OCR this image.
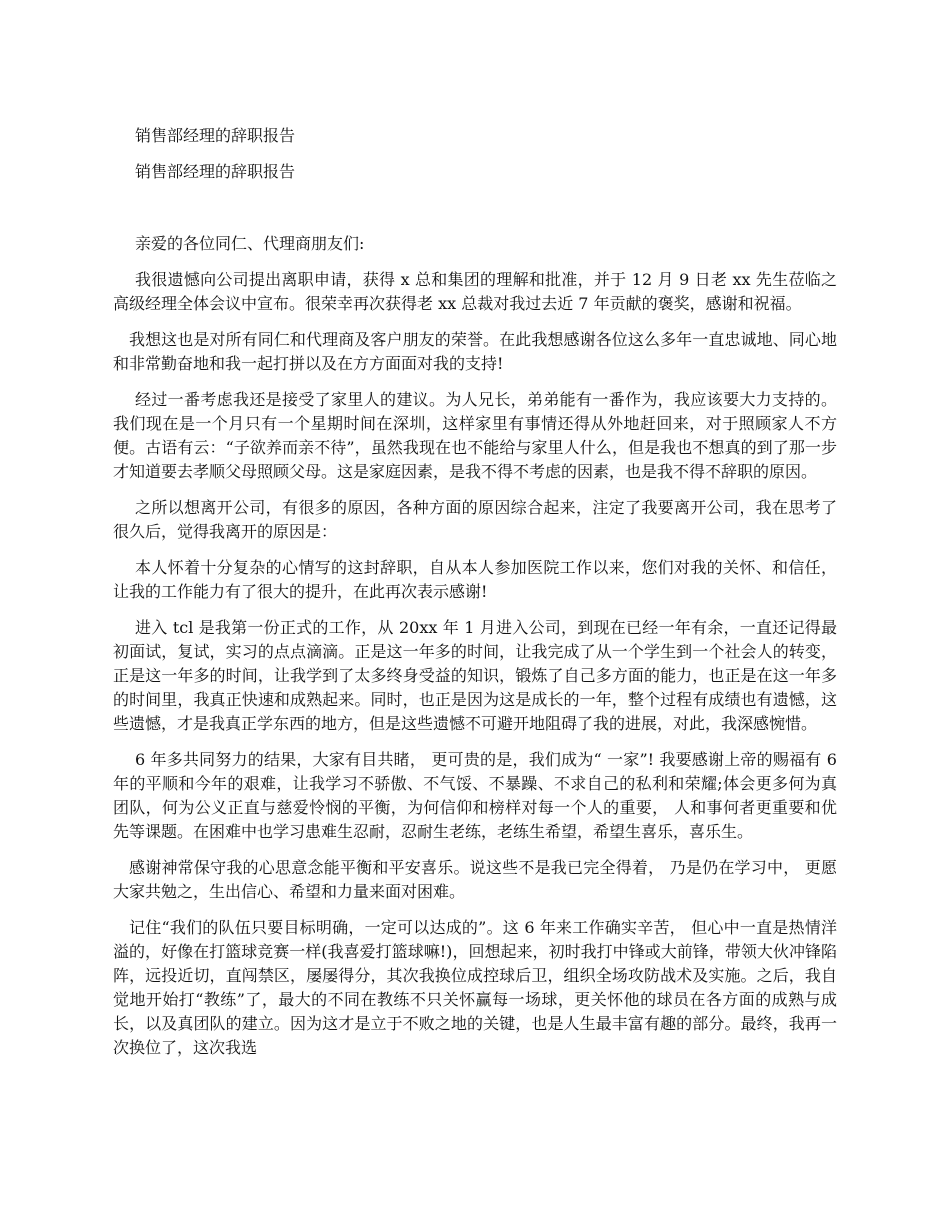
销售部经理的辞职报告
销售部经理的辞职报告
亲爱的各位同仁、代理商朋友们:

我很遗憾向公司提出离职申请，获得 x 总和集团的理解和批准，并于 12 月 9 日老 xx 先生莅临之高级经理全体会议中宣布。很荣幸再次获得老 xx 总裁对我过去近 7 年贡献的褒奖，感谢和祝福。

我想这也是对所有同仁和代理商及客户朋友的荣誉。在此我想感谢各位这么多年一直忠诚地、同心地和非常勤奋地和我一起打拼以及在方方面面对我的支持!

经过一番考虑我还是接受了家里人的建议。为人兄长，弟弟能有一番作为，我应该要大力支持的。我们现在是一个月只有一个星期时间在深圳，这样家里有事情还得从外地赶回来，对于照顾家人不方便。古语有云：“子欲养而亲不待”，虽然我现在也不能给与家里人什么，但是我也不想真的到了那一步才知道要去孝顺父母照顾父母。这是家庭因素，是我不得不考虑的因素，也是我不得不辞职的原因。

之所以想离开公司，有很多的原因，各种方面的原因综合起来，注定了我要离开公司，我在思考了很久后，觉得我离开的原因是：

本人怀着十分复杂的心情写的这封辞职，自从本人参加医院工作以来，您们对我的关怀、和信任，让我的工作能力有了很大的提升，在此再次表示感谢!

进入 tcl 是我第一份正式的工作，从 20xx 年 1 月进入公司，到现在已经一年有余，一直还记得最初面试，复试，实习的点点滴滴。正是这一年多的时间，让我完成了从一个学生到一个社会人的转变，正是这一年多的时间，让我学到了太多终身受益的知识，锻炼了自己多方面的能力，也正是在这一年多的时间里，我真正快速和成熟起来。同时，也正是因为这是成长的一年，整个过程有成绩也有遗憾，这些遗憾，才是我真正学东西的地方，但是这些遗憾不可避开地阻碍了我的进展，对此，我深感惋惜。

6 年多共同努力的结果，大家有目共睹， 更可贵的是，我们成为“ 一家”! 我要感谢上帝的赐福有 6 年的平顺和今年的艰难，让我学习不骄傲、不气馁、不暴躁、不求自己的私利和荣耀;体会更多何为真团队，何为公义正直与慈爱怜悯的平衡，为何信仰和榜样对每一个人的重要， 人和事何者更重要和优先等课题。在困难中也学习患难生忍耐，忍耐生老练，老练生希望，希望生喜乐，喜乐生。

感谢神常保守我的心思意念能平衡和平安喜乐。说这些不是我已完全得着， 乃是仍在学习中， 更愿大家共勉之，生出信心、希望和力量来面对困难。

记住“我们的队伍只要目标明确，一定可以达成的”。这 6 年来工作确实辛苦， 但心中一直是热情洋溢的，好像在打篮球竞赛一样(我喜爱打篮球嘛!)，回想起来，初时我打中锋或大前锋，带领大伙冲锋陷阵，远投近切，直闯禁区，屡屡得分，其次我换位成控球后卫，组织全场攻防战术及实施。之后，我自觉地开始打“教练”了，最大的不同在教练不只关怀赢每一场球，更关怀他的球员在各方面的成熟与成长，以及真团队的建立。因为这才是立于不败之地的关键，也是人生最丰富有趣的部分。最终，我再一次换位了，这次我选
